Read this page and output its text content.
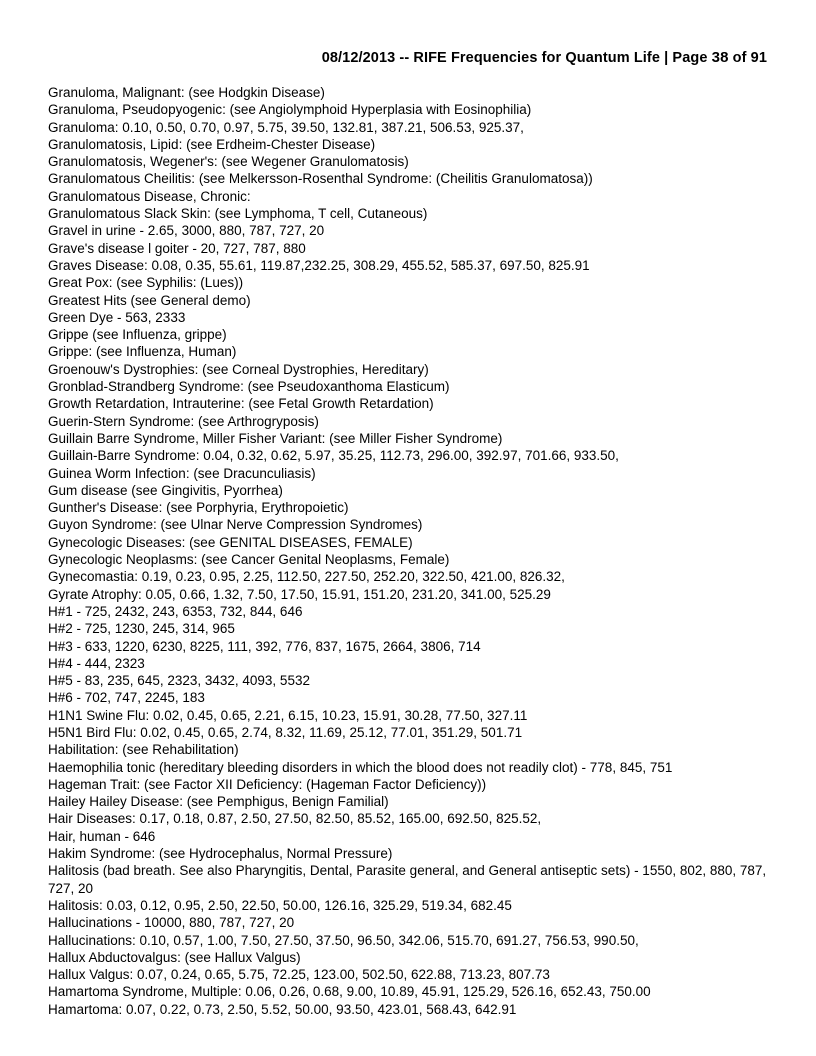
08/12/2013 -- RIFE Frequencies for Quantum Life | Page 38 of 91
Granuloma, Malignant: (see Hodgkin Disease)
Granuloma, Pseudopyogenic: (see Angiolymphoid Hyperplasia with Eosinophilia)
Granuloma: 0.10, 0.50, 0.70, 0.97, 5.75, 39.50, 132.81, 387.21, 506.53, 925.37,
Granulomatosis, Lipid: (see Erdheim-Chester Disease)
Granulomatosis, Wegener's: (see Wegener Granulomatosis)
Granulomatous Cheilitis: (see Melkersson-Rosenthal Syndrome: (Cheilitis Granulomatosa))
Granulomatous Disease, Chronic:
Granulomatous Slack Skin: (see Lymphoma, T cell, Cutaneous)
Gravel in urine - 2.65, 3000, 880, 787, 727, 20
Grave's disease l goiter - 20, 727, 787, 880
Graves Disease: 0.08, 0.35, 55.61, 119.87,232.25, 308.29, 455.52, 585.37, 697.50, 825.91
Great Pox: (see Syphilis: (Lues))
Greatest Hits (see General demo)
Green Dye - 563, 2333
Grippe (see Influenza, grippe)
Grippe: (see Influenza, Human)
Groenouw's Dystrophies: (see Corneal Dystrophies, Hereditary)
Gronblad-Strandberg Syndrome: (see Pseudoxanthoma Elasticum)
Growth Retardation, Intrauterine: (see Fetal Growth Retardation)
Guerin-Stern Syndrome: (see Arthrogryposis)
Guillain Barre Syndrome, Miller Fisher Variant: (see Miller Fisher Syndrome)
Guillain-Barre Syndrome: 0.04, 0.32, 0.62, 5.97, 35.25, 112.73, 296.00, 392.97, 701.66, 933.50,
Guinea Worm Infection: (see Dracunculiasis)
Gum disease (see Gingivitis, Pyorrhea)
Gunther's Disease: (see Porphyria, Erythropoietic)
Guyon Syndrome: (see Ulnar Nerve Compression Syndromes)
Gynecologic Diseases: (see GENITAL DISEASES, FEMALE)
Gynecologic Neoplasms: (see Cancer Genital Neoplasms, Female)
Gynecomastia: 0.19, 0.23, 0.95, 2.25, 112.50, 227.50, 252.20, 322.50, 421.00, 826.32,
Gyrate Atrophy: 0.05, 0.66, 1.32, 7.50, 17.50, 15.91, 151.20, 231.20, 341.00, 525.29
H#1 - 725, 2432, 243, 6353, 732, 844, 646
H#2 - 725, 1230, 245, 314, 965
H#3 - 633, 1220, 6230, 8225, 111, 392, 776, 837, 1675, 2664, 3806, 714
H#4 - 444, 2323
H#5 - 83, 235, 645, 2323, 3432, 4093, 5532
H#6 - 702, 747, 2245, 183
H1N1 Swine Flu: 0.02, 0.45, 0.65, 2.21, 6.15, 10.23, 15.91, 30.28, 77.50, 327.11
H5N1 Bird Flu: 0.02, 0.45, 0.65, 2.74, 8.32, 11.69, 25.12, 77.01, 351.29, 501.71
Habilitation: (see Rehabilitation)
Haemophilia tonic (hereditary bleeding disorders in which the blood does not readily clot) - 778, 845, 751
Hageman Trait: (see Factor XII Deficiency: (Hageman Factor Deficiency))
Hailey Hailey Disease: (see Pemphigus, Benign Familial)
Hair Diseases: 0.17, 0.18, 0.87, 2.50, 27.50, 82.50, 85.52, 165.00, 692.50, 825.52,
Hair, human - 646
Hakim Syndrome: (see Hydrocephalus, Normal Pressure)
Halitosis (bad breath. See also Pharyngitis, Dental, Parasite general, and General antiseptic sets) - 1550, 802, 880, 787, 727, 20
Halitosis: 0.03, 0.12, 0.95, 2.50, 22.50, 50.00, 126.16, 325.29, 519.34, 682.45
Hallucinations - 10000, 880, 787, 727, 20
Hallucinations: 0.10, 0.57, 1.00, 7.50, 27.50, 37.50, 96.50, 342.06, 515.70, 691.27, 756.53, 990.50,
Hallux Abductovalgus: (see Hallux Valgus)
Hallux Valgus: 0.07, 0.24, 0.65, 5.75, 72.25, 123.00, 502.50, 622.88, 713.23, 807.73
Hamartoma Syndrome, Multiple: 0.06, 0.26, 0.68, 9.00, 10.89, 45.91, 125.29, 526.16, 652.43, 750.00
Hamartoma: 0.07, 0.22, 0.73, 2.50, 5.52, 50.00, 93.50, 423.01, 568.43, 642.91
